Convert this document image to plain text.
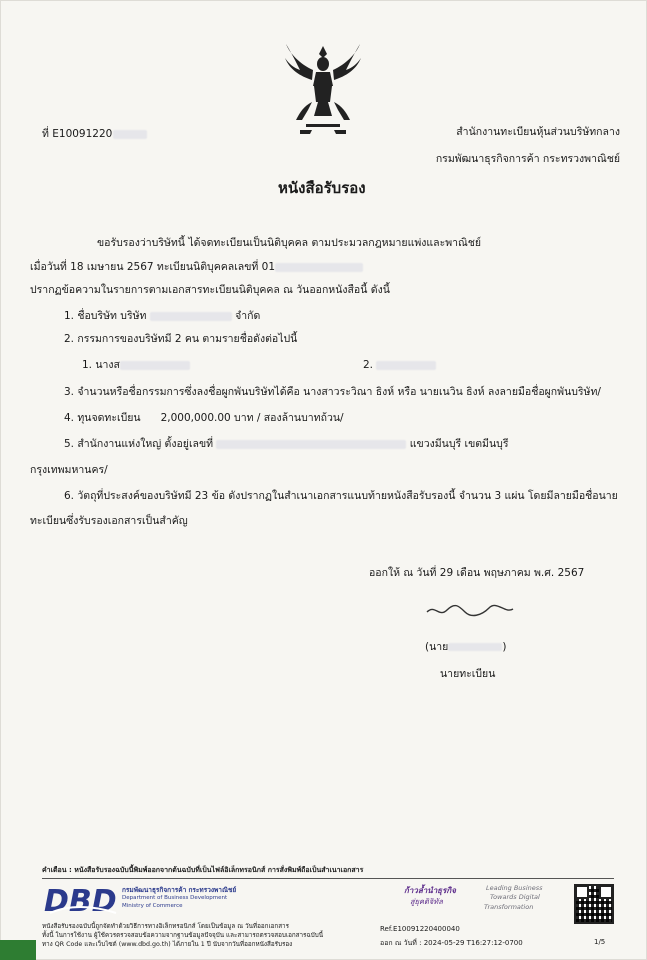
ที่ E10091220	สำนักงานทะเบียนหุ้นส่วนบริษัทกลาง
กรมพัฒนาธุรกิจการค้า กระทรวงพาณิชย์
หนังสือรับรอง
ขอรับรองว่าบริษัทนี้ ได้จดทะเบียนเป็นนิติบุคคล ตามประมวลกฎหมายแพ่งและพาณิชย์
เมื่อวันที่ 18 เมษายน 2567 ทะเบียนนิติบุคคลเลขที่ 01
ปรากฏข้อความในรายการตามเอกสารทะเบียนนิติบุคคล ณ วันออกหนังสือนี้ ดังนี้
1. ชื่อบริษัท บริษัท	จำกัด
2. กรรมการของบริษัทมี 2 คน ตามรายชื่อดังต่อไปนี้
1. นางส	2.
3. จำนวนหรือชื่อกรรมการซึ่งลงชื่อผูกพันบริษัทได้คือ นางสาวระวิณา ธิงห์ หรือ นายเนวิน ธิงห์ ลงลายมือชื่อผูกพันบริษัท/
4. ทุนจดทะเบียน 2,000,000.00 บาท / สองล้านบาทถ้วน/
5. สำนักงานแห่งใหญ่ ตั้งอยู่เลขที่	แขวงมีนบุรี เขตมีนบุรี
กรุงเทพมหานคร/
6. วัตถุที่ประสงค์ของบริษัทมี 23 ข้อ ดังปรากฏในสำเนาเอกสารแนบท้ายหนังสือรับรองนี้ จำนวน 3 แผ่น โดยมีลายมือชื่อนาย
ทะเบียนซึ่งรับรองเอกสารเป็นสำคัญ
ออกให้ ณ วันที่ 29 เดือน พฤษภาคม พ.ศ. 2567
(นาย	)
นายทะเบียน
คำเตือน : หนังสือรับรองฉบับนี้พิมพ์ออกจากต้นฉบับที่เป็นไฟล์อิเล็กทรอนิกส์ การสั่งพิมพ์ถือเป็นสำเนาเอกสาร
DBD กรมพัฒนาธุรกิจการค้า กระทรวงพาณิชย์
Department of Business Development
Ministry of Commerce
ก้าวล้ำนำธุรกิจ
สู่ยุคดิจิทัล
Leading Business
Towards Digital
Transformation
หนังสือรับรองฉบับนี้ถูกจัดทำด้วยวิธีการทางอิเล็กทรอนิกส์ โดยเป็นข้อมูล ณ วันที่ออกเอกสาร
ทั้งนี้ ในการใช้งาน ผู้ใช้ควรตรวจสอบข้อความจากฐานข้อมูลปัจจุบัน และสามารถตรวจสอบเอกสารฉบับนี้
ทาง QR Code และเว็บไซต์ (www.dbd.go.th) ได้ภายใน 1 ปี นับจากวันที่ออกหนังสือรับรอง
Ref.E10091220400040
ออก ณ วันที่ : 2024-05-29 T16:27:12-0700	1/5
